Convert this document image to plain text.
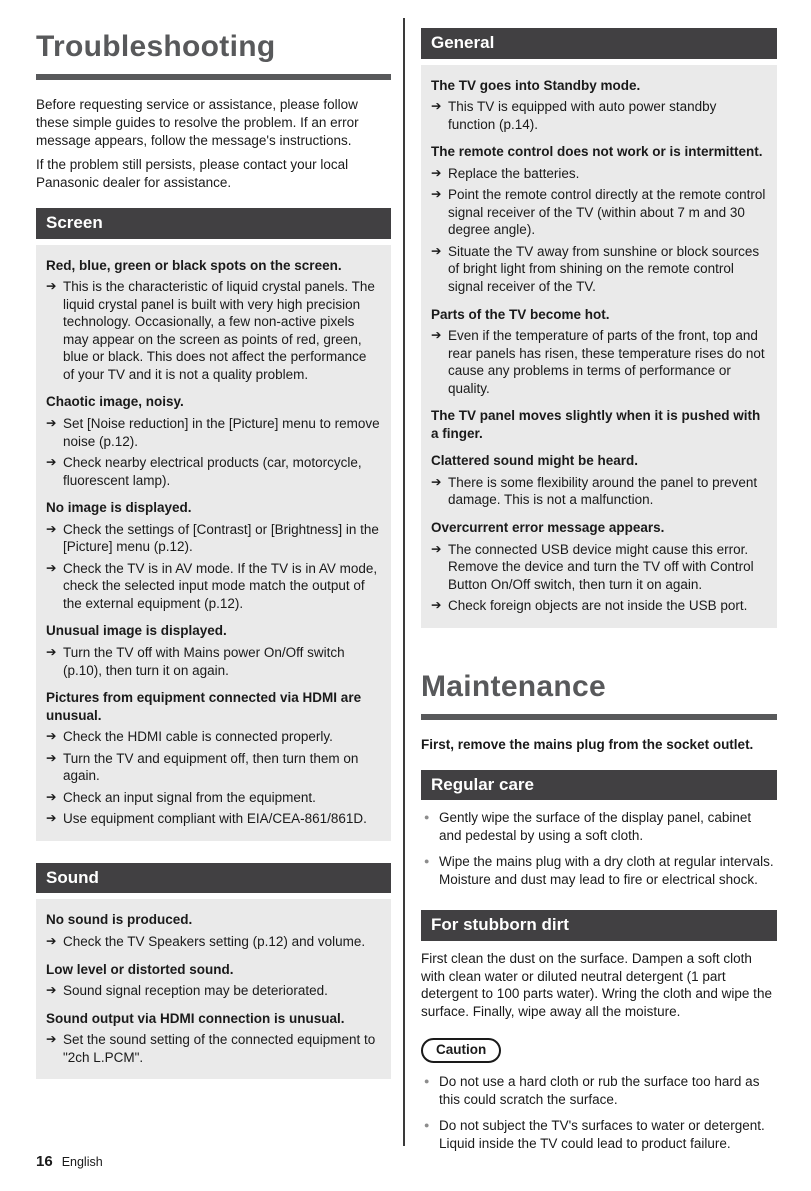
Troubleshooting

Before requesting service or assistance, please follow these simple guides to resolve the problem. If an error message appears, follow the message's instructions.

If the problem still persists, please contact your local Panasonic dealer for assistance.

Screen
Red, blue, green or black spots on the screen.
➔ This is the characteristic of liquid crystal panels. The liquid crystal panel is built with very high precision technology. Occasionally, a few non-active pixels may appear on the screen as points of red, green, blue or black. This does not affect the performance of your TV and it is not a quality problem.
Chaotic image, noisy.
➔ Set [Noise reduction] in the [Picture] menu to remove noise (p.12).
➔ Check nearby electrical products (car, motorcycle, fluorescent lamp).
No image is displayed.
➔ Check the settings of [Contrast] or [Brightness] in the [Picture] menu (p.12).
➔ Check the TV is in AV mode. If the TV is in AV mode, check the selected input mode match the output of the external equipment (p.12).
Unusual image is displayed.
➔ Turn the TV off with Mains power On/Off switch (p.10), then turn it on again.
Pictures from equipment connected via HDMI are unusual.
➔ Check the HDMI cable is connected properly.
➔ Turn the TV and equipment off, then turn them on again.
➔ Check an input signal from the equipment.
➔ Use equipment compliant with EIA/CEA-861/861D.
Sound
No sound is produced.
➔ Check the TV Speakers setting (p.12) and volume.
Low level or distorted sound.
➔ Sound signal reception may be deteriorated.
Sound output via HDMI connection is unusual.
➔ Set the sound setting of the connected equipment to "2ch L.PCM".
General
The TV goes into Standby mode.
➔ This TV is equipped with auto power standby function (p.14).
The remote control does not work or is intermittent.
➔ Replace the batteries.
➔ Point the remote control directly at the remote control signal receiver of the TV (within about 7 m and 30 degree angle).
➔ Situate the TV away from sunshine or block sources of bright light from shining on the remote control signal receiver of the TV.
Parts of the TV become hot.
➔ Even if the temperature of parts of the front, top and rear panels has risen, these temperature rises do not cause any problems in terms of performance or quality.
The TV panel moves slightly when it is pushed with a finger.
Clattered sound might be heard.
➔ There is some flexibility around the panel to prevent damage. This is not a malfunction.
Overcurrent error message appears.
➔ The connected USB device might cause this error. Remove the device and turn the TV off with Control Button On/Off switch, then turn it on again.
➔ Check foreign objects are not inside the USB port.
Maintenance

First, remove the mains plug from the socket outlet.

Regular care
● Gently wipe the surface of the display panel, cabinet and pedestal by using a soft cloth.
● Wipe the mains plug with a dry cloth at regular intervals. Moisture and dust may lead to fire or electrical shock.
For stubborn dirt

First clean the dust on the surface. Dampen a soft cloth with clean water or diluted neutral detergent (1 part detergent to 100 parts water). Wring the cloth and wipe the surface. Finally, wipe away all the moisture.

Caution
● Do not use a hard cloth or rub the surface too hard as this could scratch the surface.
● Do not subject the TV's surfaces to water or detergent. Liquid inside the TV could lead to product failure.
16 English
